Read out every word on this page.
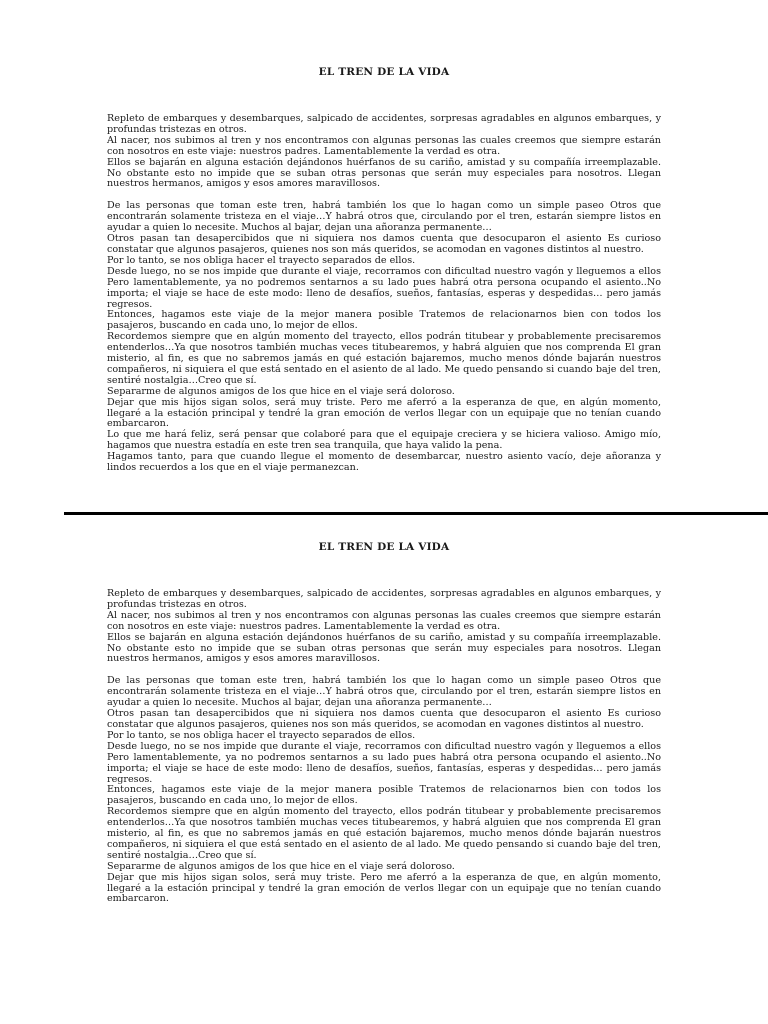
EL TREN DE LA VIDA

Repleto de embarques y desembarques, salpicado de accidentes, sorpresas agradables en algunos embarques, y profundas tristezas en otros.

Al nacer, nos subimos al tren y nos encontramos con algunas personas las cuales creemos que siempre estarán con nosotros en este viaje: nuestros padres. Lamentablemente la verdad es otra.

Ellos se bajarán en alguna estación dejándonos huérfanos de su cariño, amistad y su compañía irreemplazable. No obstante esto no impide que se suban otras personas que serán muy especiales para nosotros. Llegan nuestros hermanos, amigos y esos amores maravillosos.

De las personas que toman este tren, habrá también los que lo hagan como un simple paseo Otros que encontrarán solamente tristeza en el viaje…Y habrá otros que, circulando por el tren, estarán siempre listos en ayudar a quien lo necesite. Muchos al bajar, dejan una añoranza permanente…

Otros pasan tan desapercibidos que ni siquiera nos damos cuenta que desocuparon el asiento Es curioso constatar que algunos pasajeros, quienes nos son más queridos, se acomodan en vagones distintos al nuestro.

Por lo tanto, se nos obliga hacer el trayecto separados de ellos.

Desde luego, no se nos impide que durante el viaje, recorramos con dificultad nuestro vagón y lleguemos a ellos Pero lamentablemente, ya no podremos sentarnos a su lado pues habrá otra persona ocupando el asiento..No importa; el viaje se hace de este modo: lleno de desafíos, sueños, fantasías, esperas y despedidas… pero jamás regresos.

Entonces, hagamos este viaje de la mejor manera posible Tratemos de relacionarnos bien con todos los pasajeros, buscando en cada uno, lo mejor de ellos.

Recordemos siempre que en algún momento del trayecto, ellos podrán titubear y probablemente precisaremos entenderlos…Ya que nosotros también muchas veces titubearemos, y habrá alguien que nos comprenda El gran misterio, al fin, es que no sabremos jamás en qué estación bajaremos, mucho menos dónde bajarán nuestros compañeros, ni siquiera el que está sentado en el asiento de al lado. Me quedo pensando si cuando baje del tren, sentiré nostalgia…Creo que sí.

Separarme de algunos amigos de los que hice en el viaje será doloroso.

Dejar que mis hijos sigan solos, será muy triste. Pero me aferró a la esperanza de que, en algún momento, llegaré a la estación principal y tendré la gran emoción de verlos llegar con un equipaje que no tenían cuando embarcaron.

Lo que me hará feliz, será pensar que colaboré para que el equipaje creciera y se hiciera valioso. Amigo mío, hagamos que nuestra estadía en este tren sea tranquila, que haya valido la pena.

Hagamos tanto, para que cuando llegue el momento de desembarcar, nuestro asiento vacío, deje añoranza y lindos recuerdos a los que en el viaje permanezcan.

EL TREN DE LA VIDA

Repleto de embarques y desembarques, salpicado de accidentes, sorpresas agradables en algunos embarques, y profundas tristezas en otros.

Al nacer, nos subimos al tren y nos encontramos con algunas personas las cuales creemos que siempre estarán con nosotros en este viaje: nuestros padres. Lamentablemente la verdad es otra.

Ellos se bajarán en alguna estación dejándonos huérfanos de su cariño, amistad y su compañía irreemplazable. No obstante esto no impide que se suban otras personas que serán muy especiales para nosotros. Llegan nuestros hermanos, amigos y esos amores maravillosos.

De las personas que toman este tren, habrá también los que lo hagan como un simple paseo Otros que encontrarán solamente tristeza en el viaje…Y habrá otros que, circulando por el tren, estarán siempre listos en ayudar a quien lo necesite. Muchos al bajar, dejan una añoranza permanente…

Otros pasan tan desapercibidos que ni siquiera nos damos cuenta que desocuparon el asiento Es curioso constatar que algunos pasajeros, quienes nos son más queridos, se acomodan en vagones distintos al nuestro.

Por lo tanto, se nos obliga hacer el trayecto separados de ellos.

Desde luego, no se nos impide que durante el viaje, recorramos con dificultad nuestro vagón y lleguemos a ellos Pero lamentablemente, ya no podremos sentarnos a su lado pues habrá otra persona ocupando el asiento..No importa; el viaje se hace de este modo: lleno de desafíos, sueños, fantasías, esperas y despedidas… pero jamás regresos.

Entonces, hagamos este viaje de la mejor manera posible Tratemos de relacionarnos bien con todos los pasajeros, buscando en cada uno, lo mejor de ellos.

Recordemos siempre que en algún momento del trayecto, ellos podrán titubear y probablemente precisaremos entenderlos…Ya que nosotros también muchas veces titubearemos, y habrá alguien que nos comprenda El gran misterio, al fin, es que no sabremos jamás en qué estación bajaremos, mucho menos dónde bajarán nuestros compañeros, ni siquiera el que está sentado en el asiento de al lado. Me quedo pensando si cuando baje del tren, sentiré nostalgia…Creo que sí.

Separarme de algunos amigos de los que hice en el viaje será doloroso.

Dejar que mis hijos sigan solos, será muy triste. Pero me aferró a la esperanza de que, en algún momento, llegaré a la estación principal y tendré la gran emoción de verlos llegar con un equipaje que no tenían cuando embarcaron.
